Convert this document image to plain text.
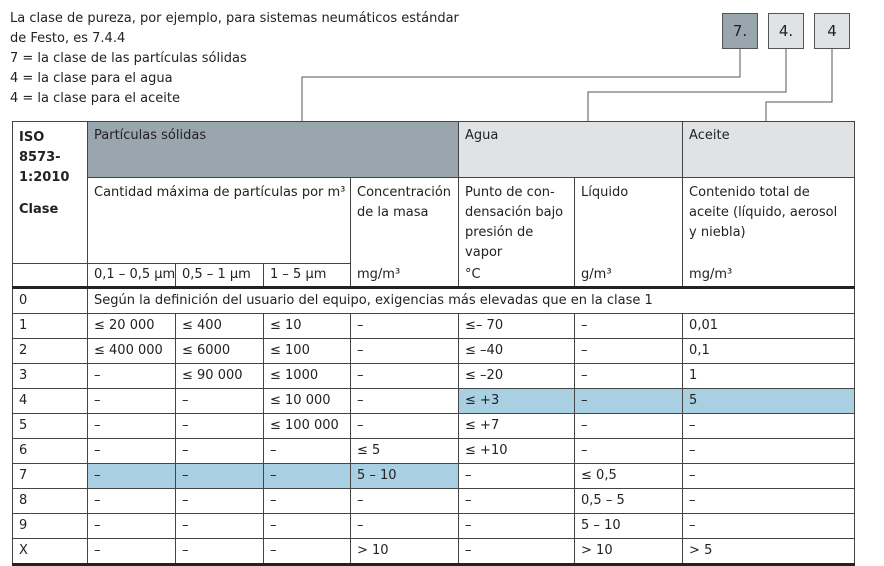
La clase de pureza, por ejemplo, para sistemas neumáticos estándar
de Festo, es 7.4.4
7 = la clase de las partículas sólidas
4 = la clase para el agua
4 = la clase para el aceite
7.	4.	4
ISO 8573-1:2010
Clase	Partículas sólidas				Agua		Aceite
	Cantidad máxima de partículas por m³			Concentración de la masa	Punto de con-densación bajo presión de vapor	Líquido	Contenido total de aceite (líquido, aerosol y niebla)
	0,1 – 0,5 µm	0,5 – 1 µm	1 – 5 µm	mg/m³	°C	g/m³	mg/m³
0	Según la definición del usuario del equipo, exigencias más elevadas que en la clase 1						
1	≤ 20 000	≤ 400	≤ 10	–	≤– 70	–	0,01
2	≤ 400 000	≤ 6000	≤ 100	–	≤ –40	–	0,1
3	–	≤ 90 000	≤ 1000	–	≤ –20	–	1
4	–	–	≤ 10 000	–	≤ +3	–	5
5	–	–	≤ 100 000	–	≤ +7	–	–
6	–	–	–	≤ 5	≤ +10	–	–
7	–	–	–	5 – 10	–	≤ 0,5	–
8	–	–	–	–	–	0,5 – 5	–
9	–	–	–	–	–	5 – 10	–
X	–	–	–	> 10	–	> 10	> 5
